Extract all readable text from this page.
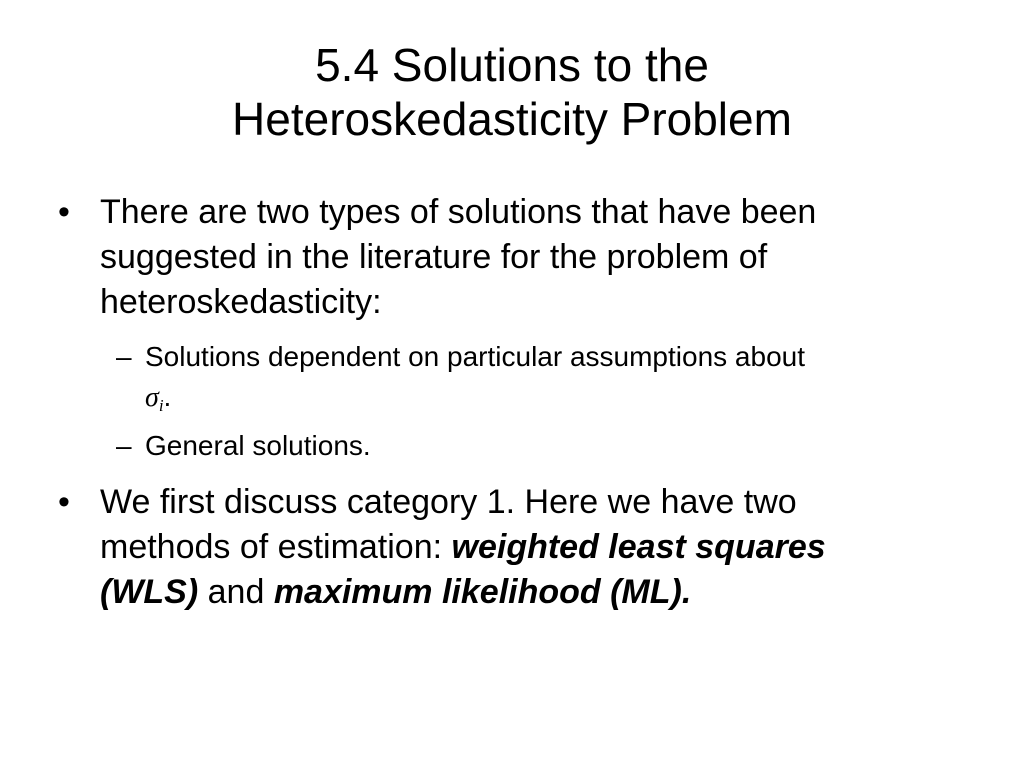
5.4 Solutions to the
Heteroskedasticity Problem
• There are two types of solutions that have been
suggested in the literature for the problem of
heteroskedasticity:
– Solutions dependent on particular assumptions about
$\sigma_i$.
– General solutions.
• We first discuss category 1. Here we have two
methods of estimation: weighted least squares
(WLS) and maximum likelihood (ML).
